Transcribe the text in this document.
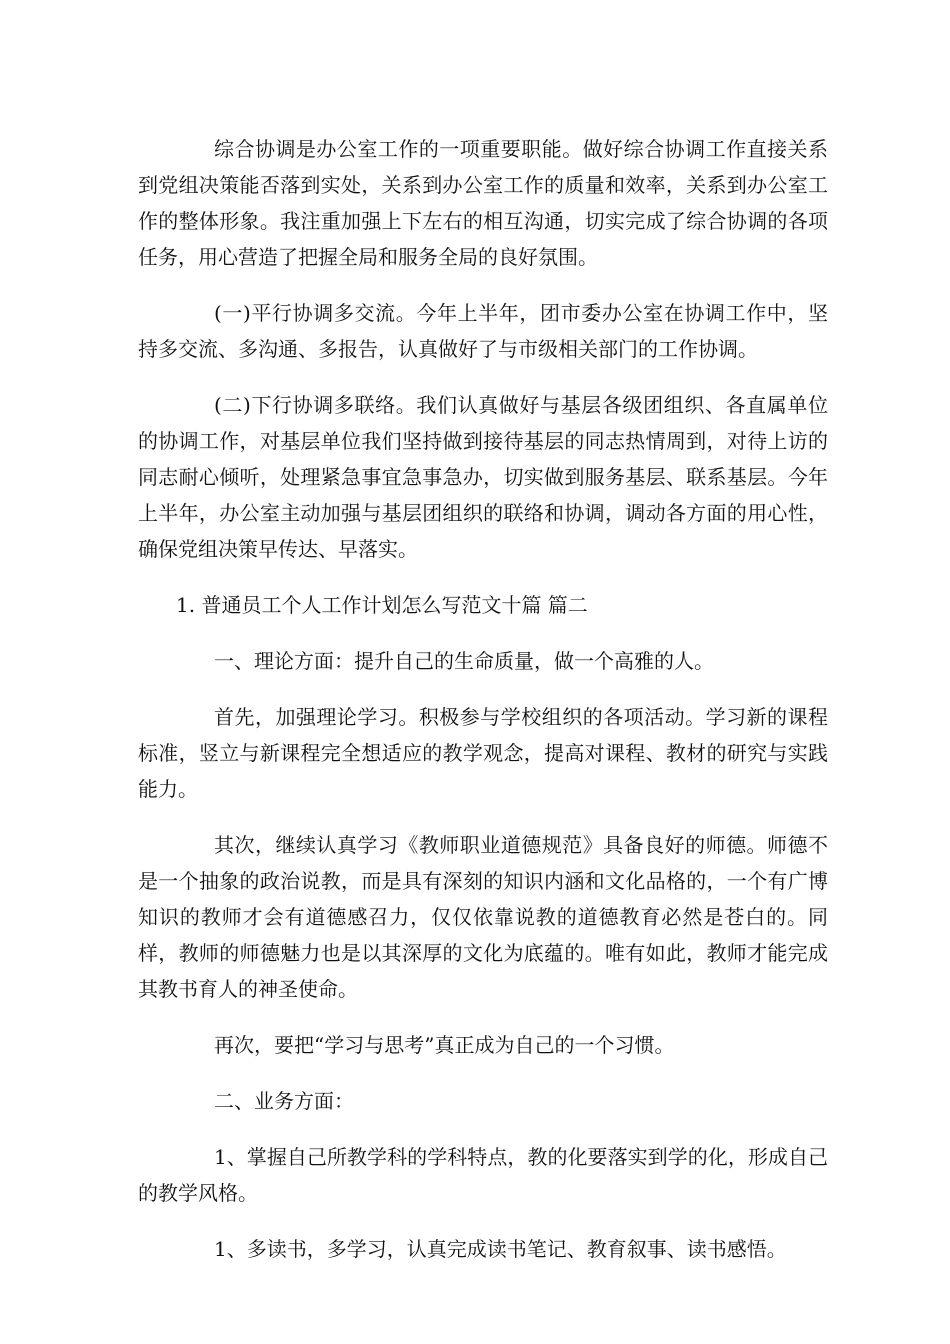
综合协调是办公室工作的一项重要职能。做好综合协调工作直接关系到党组决策能否落到实处，关系到办公室工作的质量和效率，关系到办公室工作的整体形象。我注重加强上下左右的相互沟通，切实完成了综合协调的各项任务，用心营造了把握全局和服务全局的良好氛围。

(一)平行协调多交流。今年上半年，团市委办公室在协调工作中，坚持多交流、多沟通、多报告，认真做好了与市级相关部门的工作协调。

(二)下行协调多联络。我们认真做好与基层各级团组织、各直属单位的协调工作，对基层单位我们坚持做到接待基层的同志热情周到，对待上访的同志耐心倾听，处理紧急事宜急事急办，切实做到服务基层、联系基层。今年上半年，办公室主动加强与基层团组织的联络和协调，调动各方面的用心性，确保党组决策早传达、早落实。

1. 普通员工个人工作计划怎么写范文十篇 篇二

一、理论方面：提升自己的生命质量，做一个高雅的人。

首先，加强理论学习。积极参与学校组织的各项活动。学习新的课程标准，竖立与新课程完全想适应的教学观念，提高对课程、教材的研究与实践能力。

其次，继续认真学习《教师职业道德规范》具备良好的师德。师德不是一个抽象的政治说教，而是具有深刻的知识内涵和文化品格的，一个有广博知识的教师才会有道德感召力，仅仅依靠说教的道德教育必然是苍白的。同样，教师的师德魅力也是以其深厚的文化为底蕴的。唯有如此，教师才能完成其教书育人的神圣使命。

再次，要把“学习与思考”真正成为自己的一个习惯。

二、业务方面：

1、掌握自己所教学科的学科特点，教的化要落实到学的化，形成自己的教学风格。

1、多读书，多学习，认真完成读书笔记、教育叙事、读书感悟。
